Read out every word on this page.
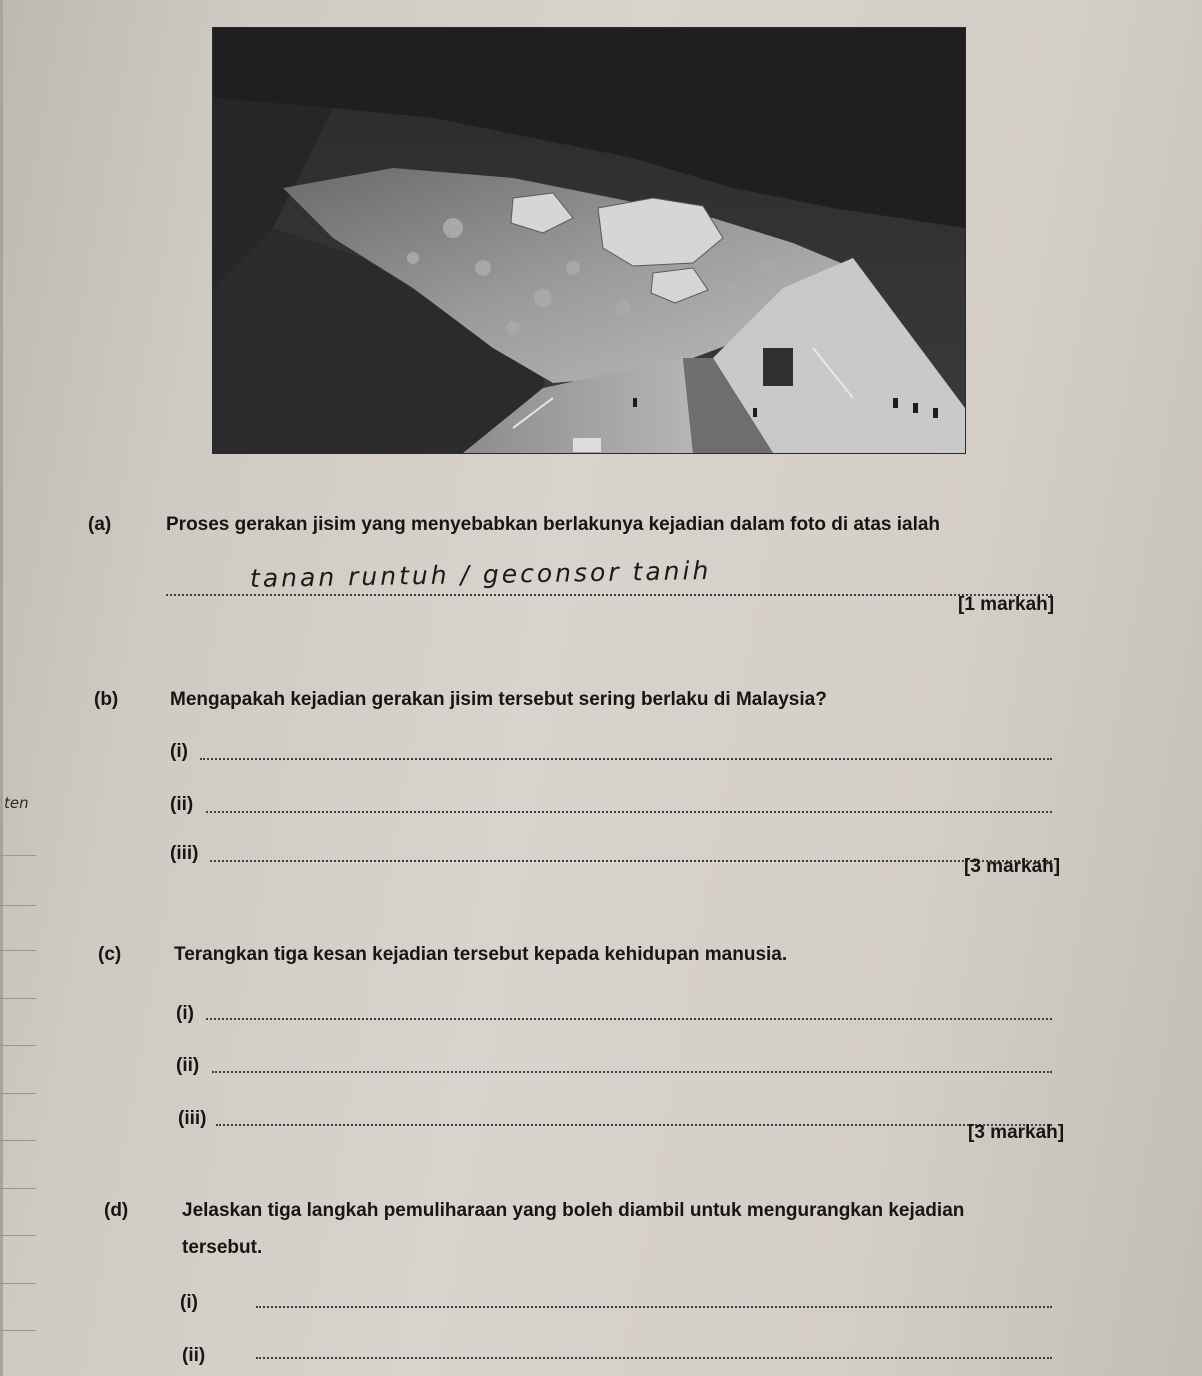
ten
(a)	Proses gerakan jisim yang menyebabkan berlakunya kejadian dalam foto di atas ialah
tanan runtuh / geconsor tanih
[1 markah]
(b)	Mengapakah kejadian gerakan jisim tersebut sering berlaku di Malaysia?
(i)
(ii)
(iii)
[3 markah]
(c)	Terangkan tiga kesan kejadian tersebut kepada kehidupan manusia.
(i)
(ii)
(iii)
[3 markah]
(d)	Jelaskan tiga langkah pemuliharaan yang boleh diambil untuk mengurangkan kejadian
tersebut.
(i)
(ii)
